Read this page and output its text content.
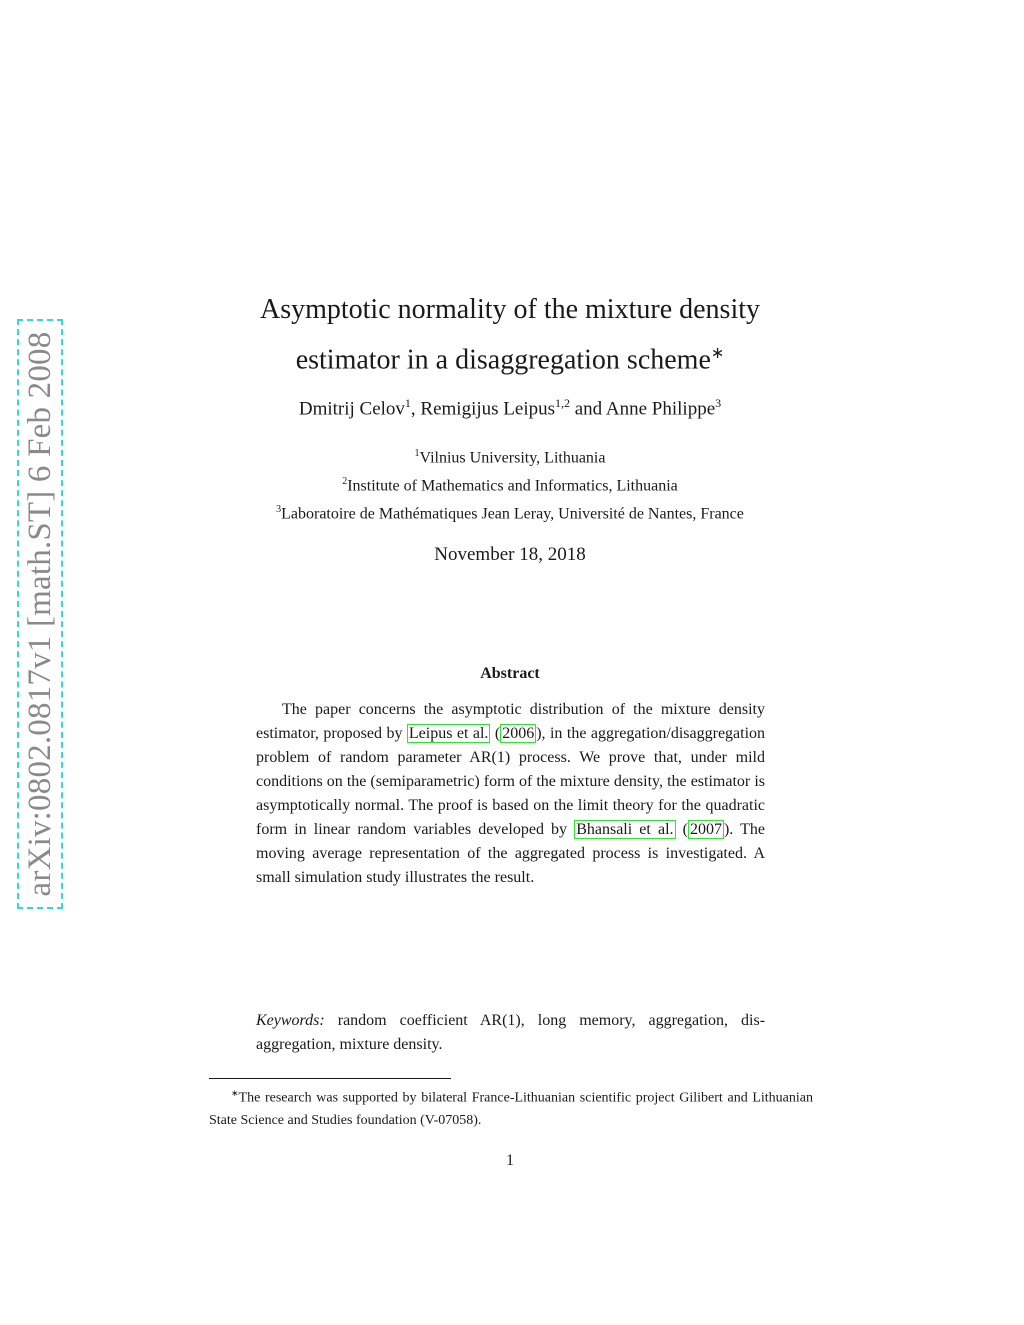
arXiv:0802.0817v1 [math.ST] 6 Feb 2008
Asymptotic normality of the mixture density
estimator in a disaggregation scheme∗
Dmitrij Celov$^1$, Remigijus Leipus$^{1,2}$ and Anne Philippe$^3$
$^1$Vilnius University, Lithuania
$^2$Institute of Mathematics and Informatics, Lithuania
$^3$Laboratoire de Mathématiques Jean Leray, Université de Nantes, France
November 18, 2018
Abstract

The paper concerns the asymptotic distribution of the mixture density estimator, proposed by Leipus et al. ( 2006 ), in the aggregation/disaggregation problem of random parameter AR(1) process. We prove that, under mild conditions on the (semiparametric) form of the mixture density, the estimator is asymptotically normal. The proof is based on the limit theory for the quadratic form in linear random variables developed by Bhansali et al. ( 2007 ). The moving average representation of the aggregated process is investigated. A small simulation study illustrates the result.

Keywords: random coefficient AR(1), long memory, aggregation, disaggregation, mixture density.

∗The research was supported by bilateral France-Lithuanian scientific project Gilibert and Lithuanian State Science and Studies foundation (V-07058).

1
